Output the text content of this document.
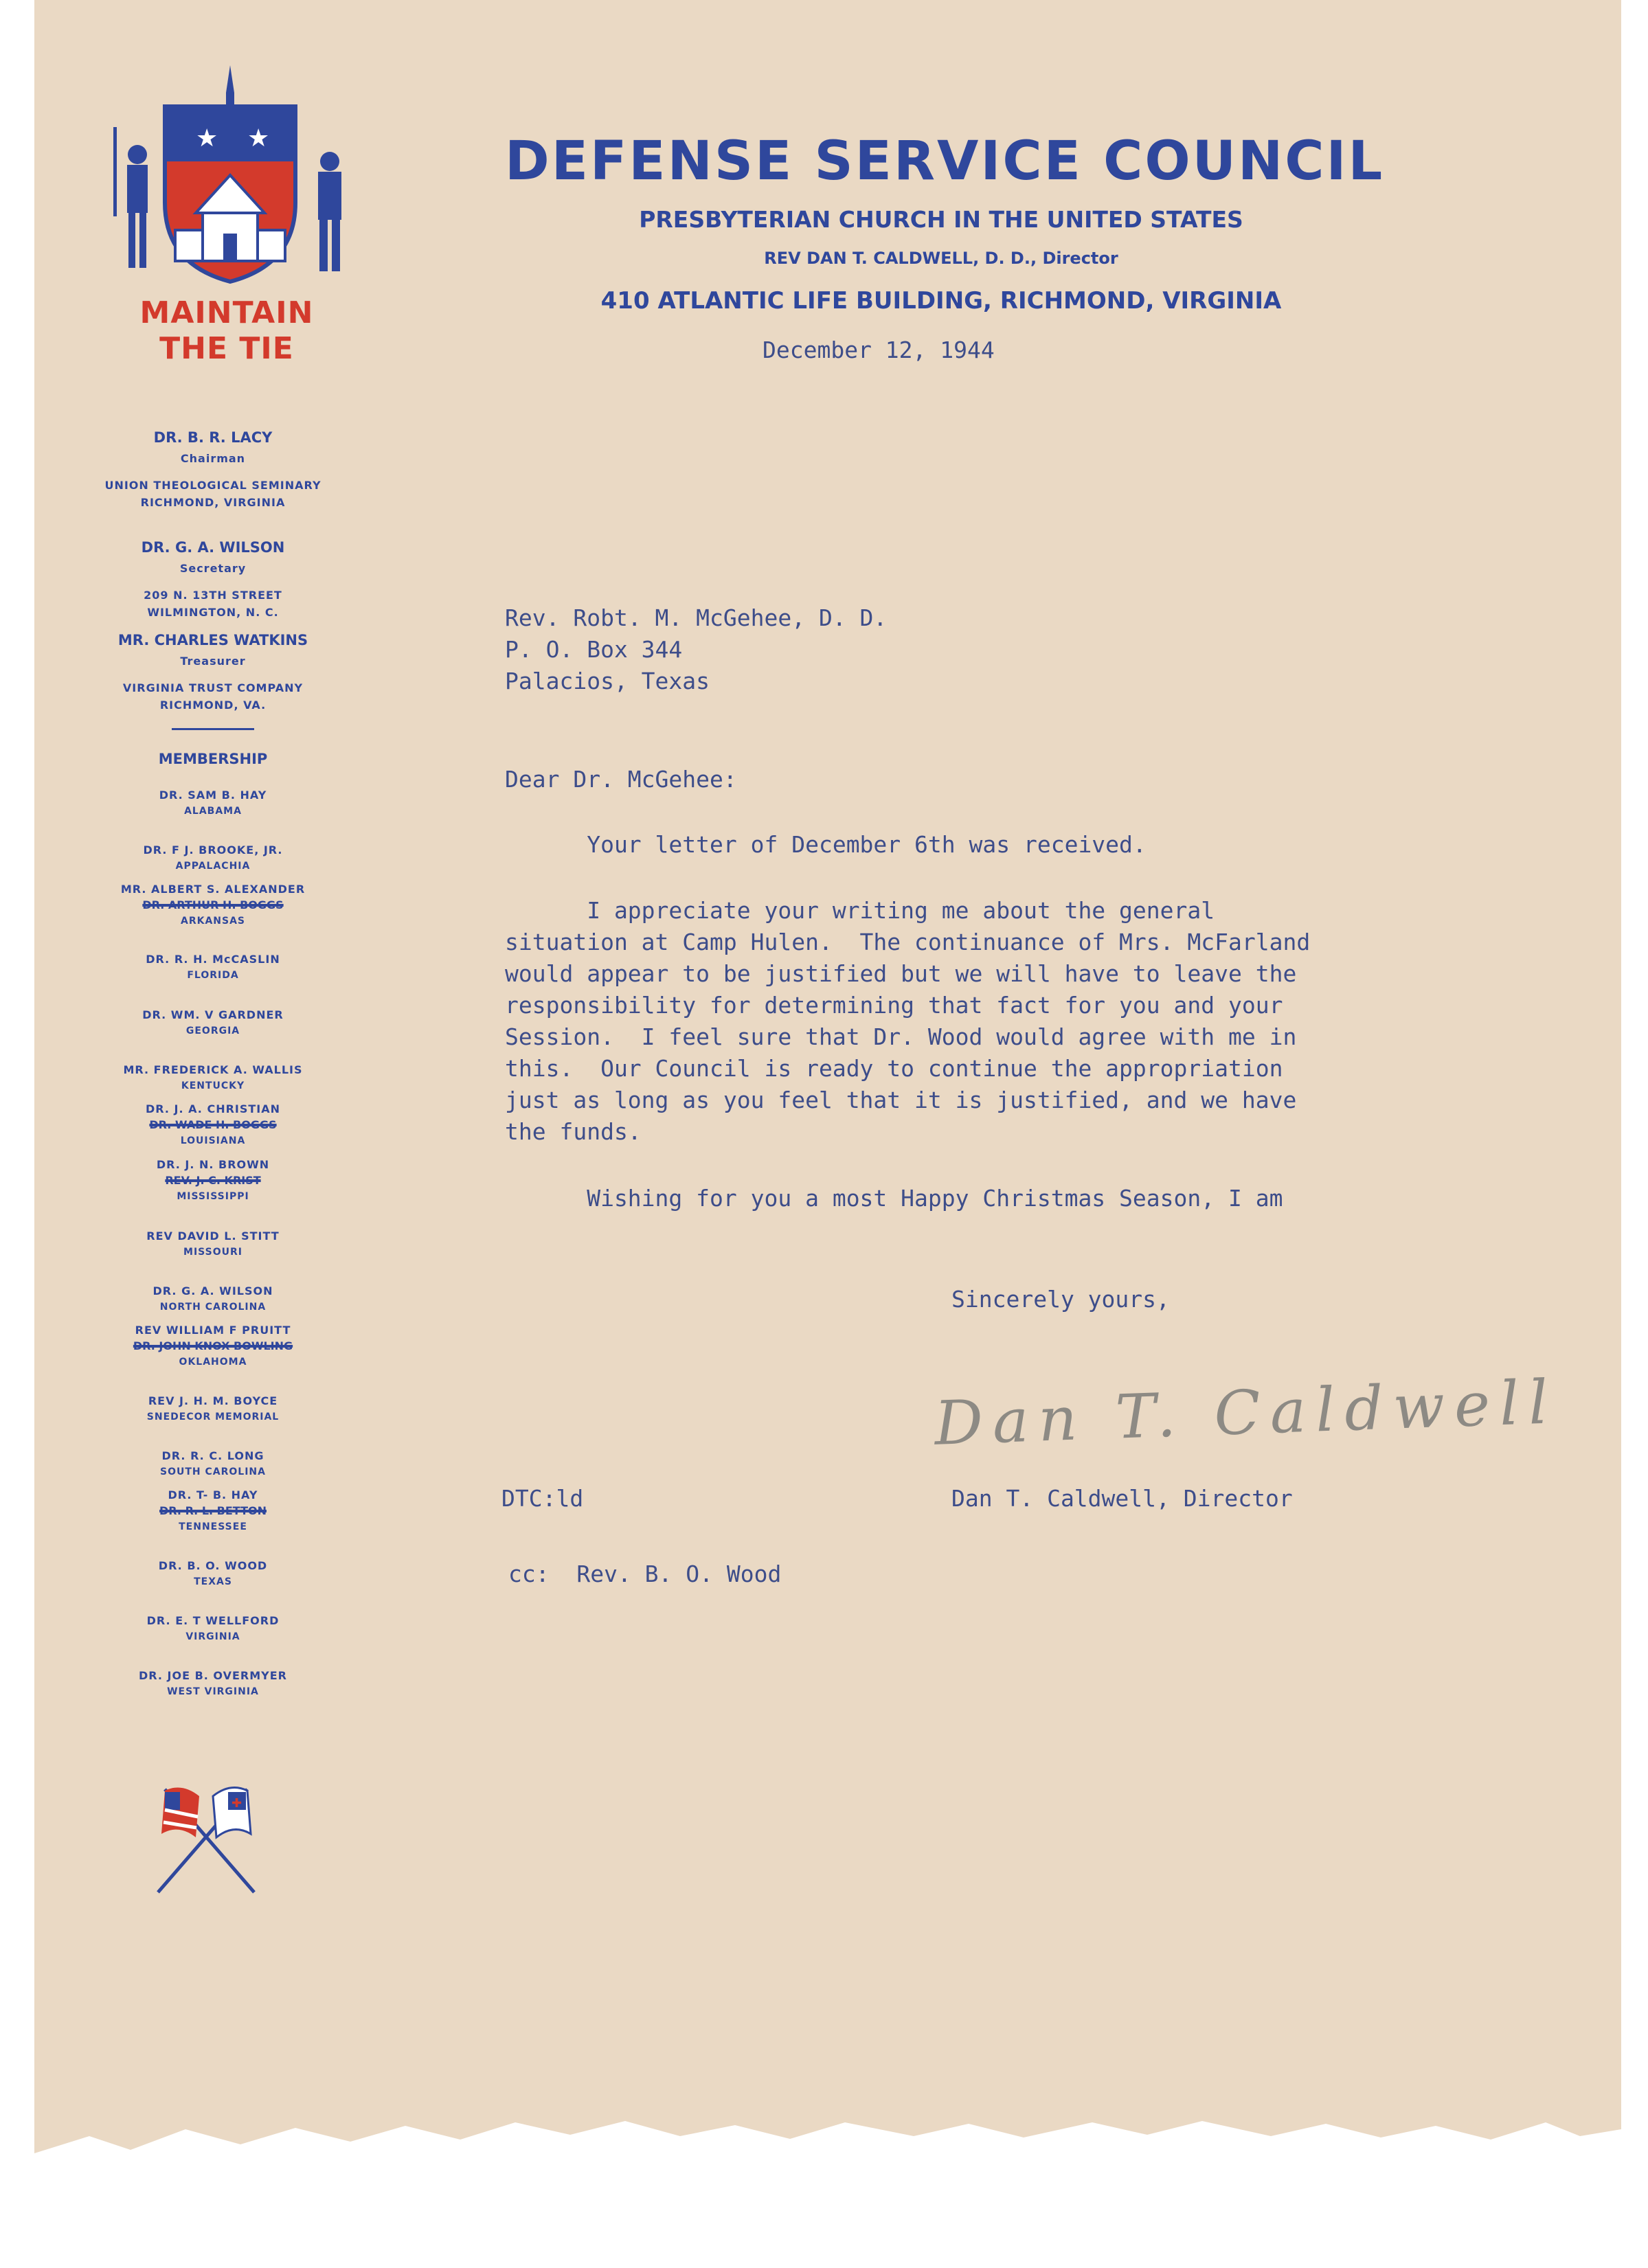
★ ★
MAINTAIN
THE TIE
DEFENSE SERVICE COUNCIL
PRESBYTERIAN CHURCH IN THE UNITED STATES
REV DAN T. CALDWELL, D. D., Director
410 ATLANTIC LIFE BUILDING, RICHMOND, VIRGINIA
DR. B. R. LACY
Chairman
UNION THEOLOGICAL SEMINARY
RICHMOND, VIRGINIA
DR. G. A. WILSON
Secretary
209 N. 13TH STREET
WILMINGTON, N. C.
MR. CHARLES WATKINS
Treasurer
VIRGINIA TRUST COMPANY
RICHMOND, VA.
MEMBERSHIP
DR. SAM B. HAY
ALABAMA
DR. F J. BROOKE, JR.
APPALACHIA
MR. ALBERT S. ALEXANDER
DR. ARTHUR H. BOGGS
ARKANSAS
DR. R. H. McCASLIN
FLORIDA
DR. WM. V GARDNER
GEORGIA
MR. FREDERICK A. WALLIS
KENTUCKY
DR. J. A. CHRISTIAN
DR. WADE H. BOGGS
LOUISIANA
DR. J. N. BROWN
REV. J. C. KRIST
MISSISSIPPI
REV DAVID L. STITT
MISSOURI
DR. G. A. WILSON
NORTH CAROLINA
REV WILLIAM F PRUITT
DR. JOHN KNOX BOWLING
OKLAHOMA
REV J. H. M. BOYCE
SNEDECOR MEMORIAL
DR. R. C. LONG
SOUTH CAROLINA
DR. T- B. HAY
DR. R. L. BETTON
TENNESSEE
DR. B. O. WOOD
TEXAS
DR. E. T WELLFORD
VIRGINIA
DR. JOE B. OVERMYER
WEST VIRGINIA
✚
December 12, 1944
Rev. Robt. M. McGehee, D. D.
P. O. Box 344
Palacios, Texas
Dear Dr. McGehee:
Your letter of December 6th was received.
I appreciate your writing me about the general
situation at Camp Hulen.  The continuance of Mrs. McFarland
would appear to be justified but we will have to leave the
responsibility for determining that fact for you and your
Session.  I feel sure that Dr. Wood would agree with me in
this.  Our Council is ready to continue the appropriation
just as long as you feel that it is justified, and we have
the funds.
Wishing for you a most Happy Christmas Season, I am
Sincerely yours,
Dan T. Caldwell
Dan T. Caldwell, Director
DTC:ld
cc:  Rev. B. O. Wood
